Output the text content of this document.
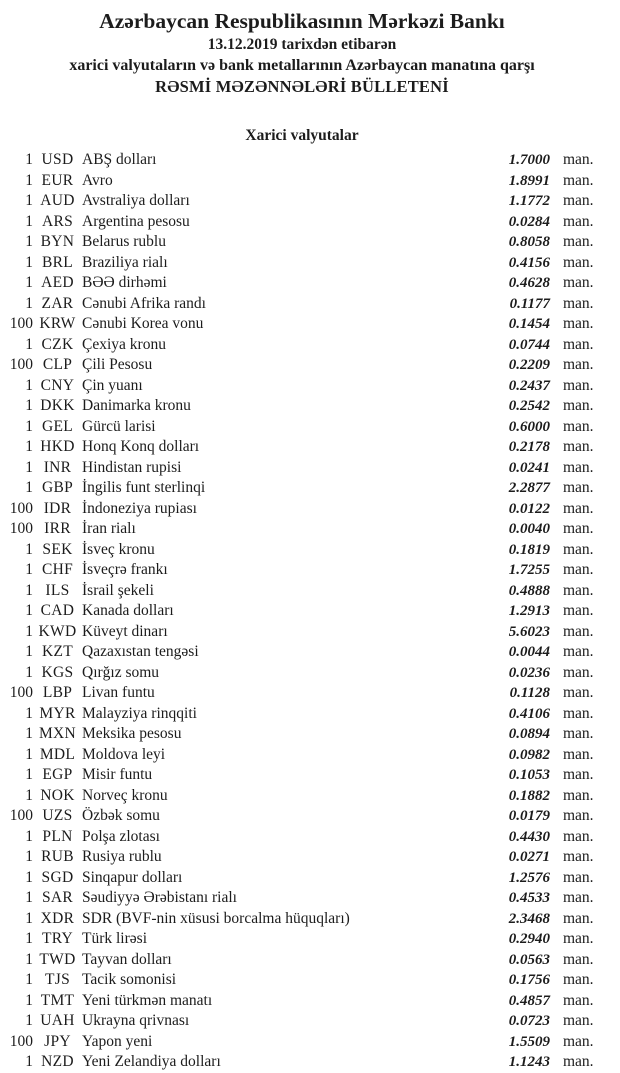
Azərbaycan Respublikasının Mərkəzi Bankı
13.12.2019 tarixdən etibarən
xarici valyutaların və bank metallarının Azərbaycan manatına qarşı
RƏSMİ MƏZƏNNƏLƏRİ BÜLLETENİ
Xarici valyutalar
1 USD ABŞ dolları	1.7000 man.
1 EUR Avro	1.8991 man.
1 AUD Avstraliya dolları	1.1772 man.
1 ARS Argentina pesosu	0.0284 man.
1 BYN Belarus rublu	0.8058 man.
1 BRL Braziliya rialı	0.4156 man.
1 AED BƏƏ dirhəmi	0.4628 man.
1 ZAR Cənubi Afrika randı	0.1177 man.
100 KRW Cənubi Korea vonu	0.1454 man.
1 CZK Çexiya kronu	0.0744 man.
100 CLP Çili Pesosu	0.2209 man.
1 CNY Çin yuanı	0.2437 man.
1 DKK Danimarka kronu	0.2542 man.
1 GEL Gürcü larisi	0.6000 man.
1 HKD Honq Konq dolları	0.2178 man.
1 INR Hindistan rupisi	0.0241 man.
1 GBP İngilis funt sterlinqi	2.2877 man.
100 IDR İndoneziya rupiası	0.0122 man.
100 IRR İran rialı	0.0040 man.
1 SEK İsveç kronu	0.1819 man.
1 CHF İsveçrə frankı	1.7255 man.
1 ILS İsrail şekeli	0.4888 man.
1 CAD Kanada dolları	1.2913 man.
1 KWD Küveyt dinarı	5.6023 man.
1 KZT Qazaxıstan tengəsi	0.0044 man.
1 KGS Qırğız somu	0.0236 man.
100 LBP Livan funtu	0.1128 man.
1 MYR Malayziya rinqqiti	0.4106 man.
1 MXN Meksika pesosu	0.0894 man.
1 MDL Moldova leyi	0.0982 man.
1 EGP Misir funtu	0.1053 man.
1 NOK Norveç kronu	0.1882 man.
100 UZS Özbək somu	0.0179 man.
1 PLN Polşa zlotası	0.4430 man.
1 RUB Rusiya rublu	0.0271 man.
1 SGD Sinqapur dolları	1.2576 man.
1 SAR Səudiyyə Ərəbistanı rialı	0.4533 man.
1 XDR SDR (BVF-nin xüsusi borcalma hüquqları)	2.3468 man.
1 TRY Türk lirəsi	0.2940 man.
1 TWD Tayvan dolları	0.0563 man.
1 TJS Tacik somonisi	0.1756 man.
1 TMT Yeni türkmən manatı	0.4857 man.
1 UAH Ukrayna qrivnası	0.0723 man.
100 JPY Yapon yeni	1.5509 man.
1 NZD Yeni Zelandiya dolları	1.1243 man.
